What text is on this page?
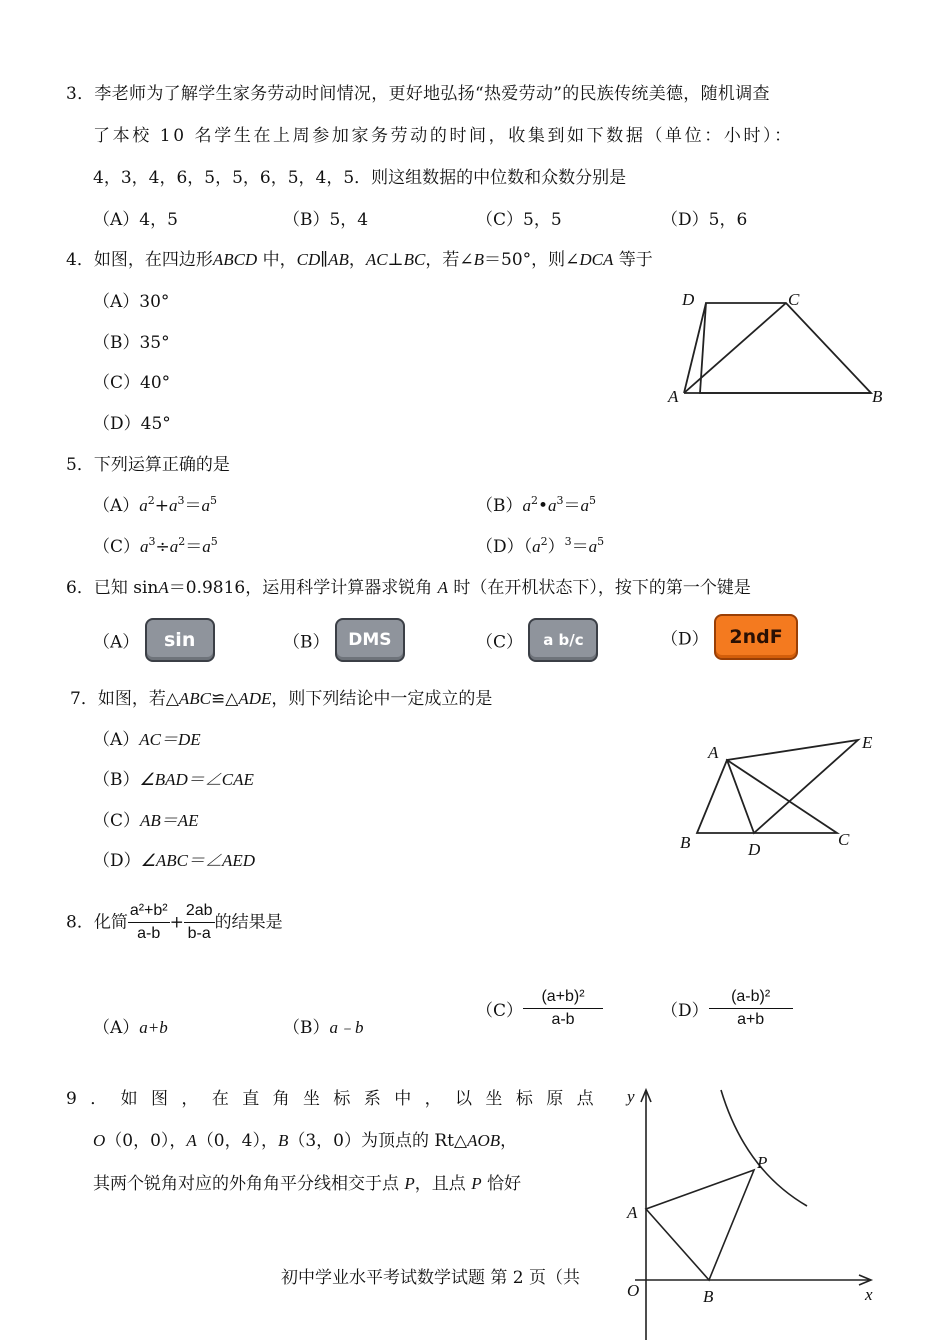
3．李老师为了解学生家务劳动时间情况，更好地弘扬“热爱劳动”的民族传统美德，随机调查
了本校 10 名学生在上周参加家务劳动的时间，收集到如下数据（单位：小时）：
4，3，4，6，5，5，6，5，4，5．则这组数据的中位数和众数分别是
（A）4，5	（B）5，4	（C）5，5	（D）5，6
4．如图，在四边形ABCD 中，CD∥AB，AC⊥BC，若∠B＝50°，则∠DCA 等于
（A）30°
（B）35°
（C）40°
（D）45°
D	C
A	B
5．下列运算正确的是
$(A)a^2+a^3=a^5$	$(B)a^2•a^3=a^5$
$(C)a^3\div a^2=a^5$	$(D)(a^2)^3=a^5$
6．已知 sinA＝0.9816，运用科学计算器求锐角 A 时（在开机状态下），按下的第一个键是
（A） sin	（B） DMS	（C） a b/c	（D） 2ndF
7．如图，若△ABC≌△ADE，则下列结论中一定成立的是
（A）AC＝DE
（B）∠BAD＝∠CAE
（C）AB＝AE
（D）∠ABC＝∠AED
A
E
B	D
C
8．化简 $\frac{\text{a²+b²}}{a-b} + \frac{2ab}{b-a}$ 的结果是
（A）a+b	（B）a﹣b
$(C) \frac{\text{(a+b)²}}{a-b}$	$(D) \frac{\text{(a-b)²}}{a+b}$
9．如图，在直角坐标系中，以坐标原点
O（0，0），A（0，4），B（3，0）为顶点的 Rt△AOB，
其两个锐角对应的外角角平分线相交于点 P，且点 P 恰好
y
x
O
A
B
P
初中学业水平考试数学试题 第 2 页（共
